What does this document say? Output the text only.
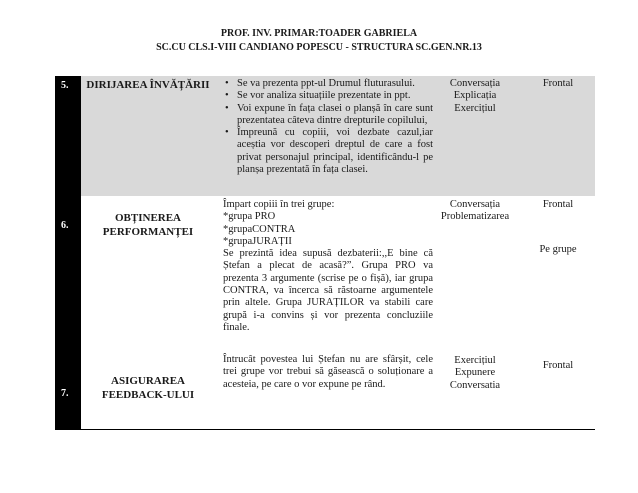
PROF. INV. PRIMAR:TOADER GABRIELA
SC.CU CLS.I-VIII CANDIANO POPESCU - STRUCTURA SC.GEN.NR.13
5.
6.
7.
DIRIJAREA ÎNVĂȚĂRII
•	Se va prezenta ppt-ul Drumul fluturasului.
• Se vor analiza situațiile prezentate in ppt.
• Voi expune în fața clasei o planșă în care sunt prezentatea câteva dintre drepturile copilului,
• Împreună cu copiii, voi dezbate cazul,iar aceștia vor descoperi dreptul de care a fost privat personajul principal, identificându-l pe planșa prezentată în fața clasei.
Conversația
Explicația
Exercițiul
Frontal
OBȚINEREA PERFORMANȚEI

Împart copiii în trei grupe:

*grupa PRO

*grupaCONTRA

*grupaJURAȚII

Se prezintă idea supusă dezbaterii:,,E bine că Ștefan a plecat de acasă?”. Grupa PRO va prezenta 3 argumente (scrise pe o fișă), iar grupa CONTRA, va încerca să răstoarne argumentele prin altele. Grupa JURAȚILOR va stabili care grupă i-a convins și vor prezenta concluziile finale.

Conversația
Problematizarea
Frontal
Pe grupe
ASIGURAREA FEEDBACK-ULUI

Întrucât povestea lui Ștefan nu are sfârșit, cele trei grupe vor trebui să găsească o soluționare a acesteia, pe care o vor expune pe rând.

Exercițiul
Expunere
Conversatia
Frontal
